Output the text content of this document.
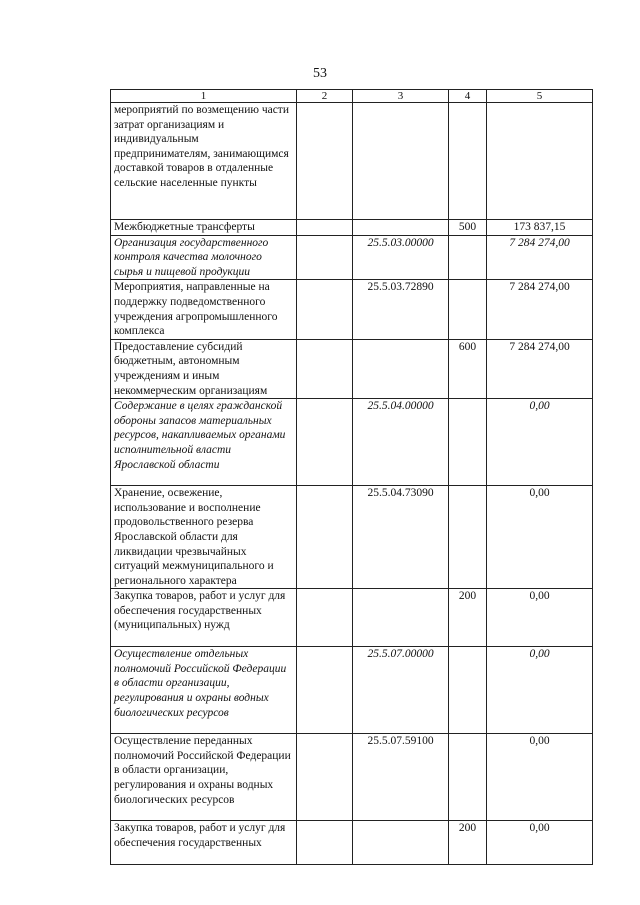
53
1	2	3	4	5
мероприятий по возмещению части затрат организациям и индивидуальным предпринимателям, занимающимся доставкой товаров в отдаленные сельские населенные пункты				
Межбюджетные трансферты			500	173 837,15
Организация государственного контроля качества молочного сырья и пищевой продукции		25.5.03.00000		7 284 274,00
Мероприятия, направленные на поддержку подведомственного учреждения агропромышленного комплекса		25.5.03.72890		7 284 274,00
Предоставление субсидий бюджетным, автономным учреждениям и иным некоммерческим организациям			600	7 284 274,00
Содержание в целях гражданской обороны запасов материальных ресурсов, накапливаемых органами исполнительной власти Ярославской области		25.5.04.00000		0,00
Хранение, освежение, использование и восполнение продовольственного резерва Ярославской области для ликвидации чрезвычайных ситуаций межмуниципального и регионального характера		25.5.04.73090		0,00
Закупка товаров, работ и услуг для обеспечения государственных (муниципальных) нужд			200	0,00
Осуществление отдельных полномочий Российской Федерации в области организации, регулирования и охраны водных биологических ресурсов		25.5.07.00000		0,00
Осуществление переданных полномочий Российской Федерации в области организации, регулирования и охраны водных биологических ресурсов		25.5.07.59100		0,00
Закупка товаров, работ и услуг для обеспечения государственных			200	0,00
